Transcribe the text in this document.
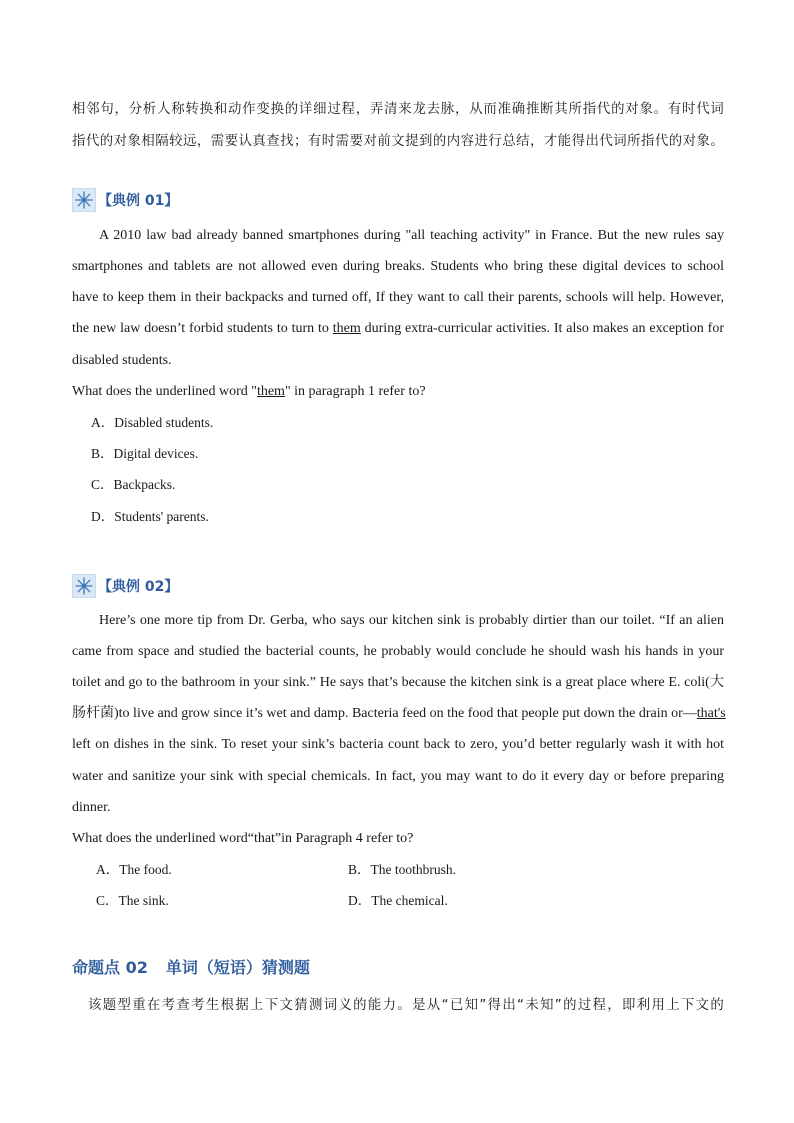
相邻句，分析人称转换和动作变换的详细过程，弄清来龙去脉，从而准确推断其所指代的对象。有时代词
指代的对象相隔较远，需要认真查找；有时需要对前文提到的内容进行总结，才能得出代词所指代的对象。
【典例 01】
A 2010 law bad already banned smartphones during "all teaching activity" in France. But the new rules say
smartphones and tablets are not allowed even during breaks. Students who bring these digital devices to school
have to keep them in their backpacks and turned off, If they want to call their parents, schools will help. However,
the new law doesn’t forbid students to turn to them during extra-curricular activities. It also makes an exception for
disabled students.
What does the underlined word "them" in paragraph 1 refer to?
A．Disabled students.
B．Digital devices.
C．Backpacks.
D．Students' parents.
【典例 02】
Here’s one more tip from Dr. Gerba, who says our kitchen sink is probably dirtier than our toilet. “If an alien
came from space and studied the bacterial counts, he probably would conclude he should wash his hands in your
toilet and go to the bathroom in your sink.” He says that’s because the kitchen sink is a great place where E. coli(大
肠杆菌)to live and grow since it’s wet and damp. Bacteria feed on the food that people put down the drain or—that's
left on dishes in the sink. To reset your sink’s bacteria count back to zero, you’d better regularly wash it with hot
water and sanitize your sink with special chemicals. In fact, you may want to do it every day or before preparing
dinner.
What does the underlined word“that”in Paragraph 4 refer to?
A．The food.	B．The toothbrush.
C．The sink.	D．The chemical.
命题点 02 单词（短语）猜测题
该题型重在考查考生根据上下文猜测词义的能力。是从“已知”得出“未知”的过程，即利用上下文的
